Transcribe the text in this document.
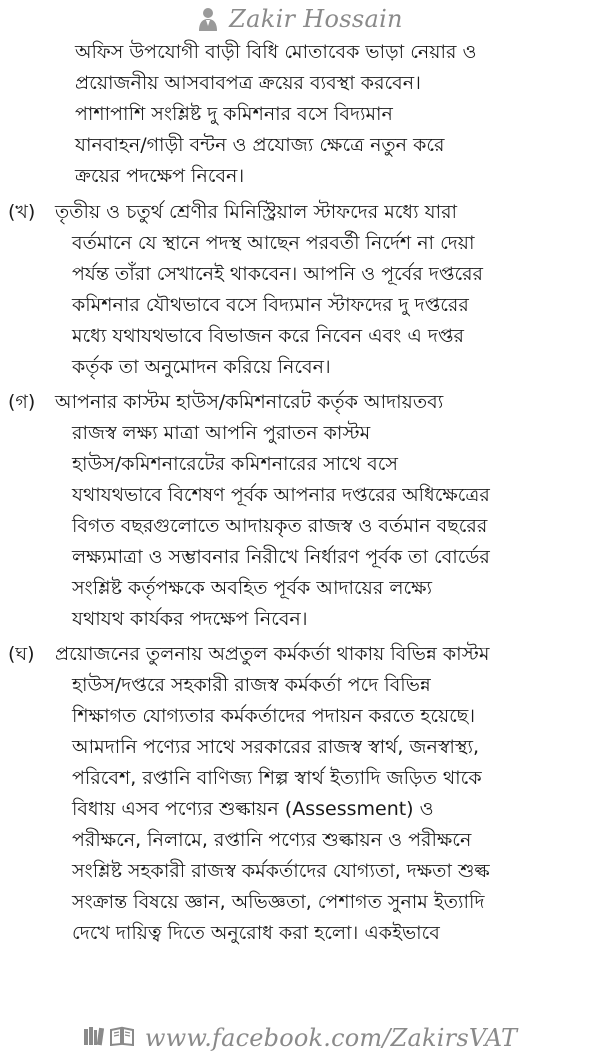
Zakir Hossain
অফিস উপযোগী বাড়ী বিধি মোতাবেক ভাড়া নেয়ার ও
প্রয়োজনীয় আসবাবপত্র ক্রয়ের ব্যবস্থা করবেন।
পাশাপাশি সংশ্লিষ্ট দু কমিশনার বসে বিদ্যমান
যানবাহন/গাড়ী বন্টন ও প্রযোজ্য ক্ষেত্রে নতুন করে
ক্রয়ের পদক্ষেপ নিবেন।
(খ) তৃতীয় ও চতুর্থ শ্রেণীর মিনিস্ট্রিয়াল স্টাফদের মধ্যে যারা
বর্তমানে যে স্থানে পদস্থ আছেন পরবর্তী নির্দেশ না দেয়া
পর্যন্ত তাঁরা সেখানেই থাকবেন। আপনি ও পূর্বের দপ্তরের
কমিশনার যৌথভাবে বসে বিদ্যমান স্টাফদের দু দপ্তরের
মধ্যে যথাযথভাবে বিভাজন করে নিবেন এবং এ দপ্তর
কর্তৃক তা অনুমোদন করিয়ে নিবেন।
(গ) আপনার কাস্টম হাউস/কমিশনারেট কর্তৃক আদায়তব্য
রাজস্ব লক্ষ্য মাত্রা আপনি পুরাতন কাস্টম
হাউস/কমিশনারেটের কমিশনারের সাথে বসে
যথাযথভাবে বিশেষণ পূর্বক আপনার দপ্তরের অধিক্ষেত্রের
বিগত বছরগুলোতে আদায়কৃত রাজস্ব ও বর্তমান বছরের
লক্ষ্যমাত্রা ও সম্ভাবনার নিরীখে নির্ধারণ পূর্বক তা বোর্ডের
সংশ্লিষ্ট কর্তৃপক্ষকে অবহিত পূর্বক আদায়ের লক্ষ্যে
যথাযথ কার্যকর পদক্ষেপ নিবেন।
(ঘ) প্রয়োজনের তুলনায় অপ্রতুল কর্মকর্তা থাকায় বিভিন্ন কাস্টম
হাউস/দপ্তরে সহকারী রাজস্ব কর্মকর্তা পদে বিভিন্ন
শিক্ষাগত যোগ্যতার কর্মকর্তাদের পদায়ন করতে হয়েছে।
আমদানি পণ্যের সাথে সরকারের রাজস্ব স্বার্থ, জনস্বাস্থ্য,
পরিবেশ, রপ্তানি বাণিজ্য শিল্প স্বার্থ ইত্যাদি জড়িত থাকে
বিধায় এসব পণ্যের শুল্কায়ন (Assessment) ও
পরীক্ষনে, নিলামে, রপ্তানি পণ্যের শুল্কায়ন ও পরীক্ষনে
সংশ্লিষ্ট সহকারী রাজস্ব কর্মকর্তাদের যোগ্যতা, দক্ষতা শুল্ক
সংক্রান্ত বিষয়ে জ্ঞান, অভিজ্ঞতা, পেশাগত সুনাম ইত্যাদি
দেখে দায়িত্ব দিতে অনুরোধ করা হলো। একইভাবে
www.facebook.com/ZakirsVAT
